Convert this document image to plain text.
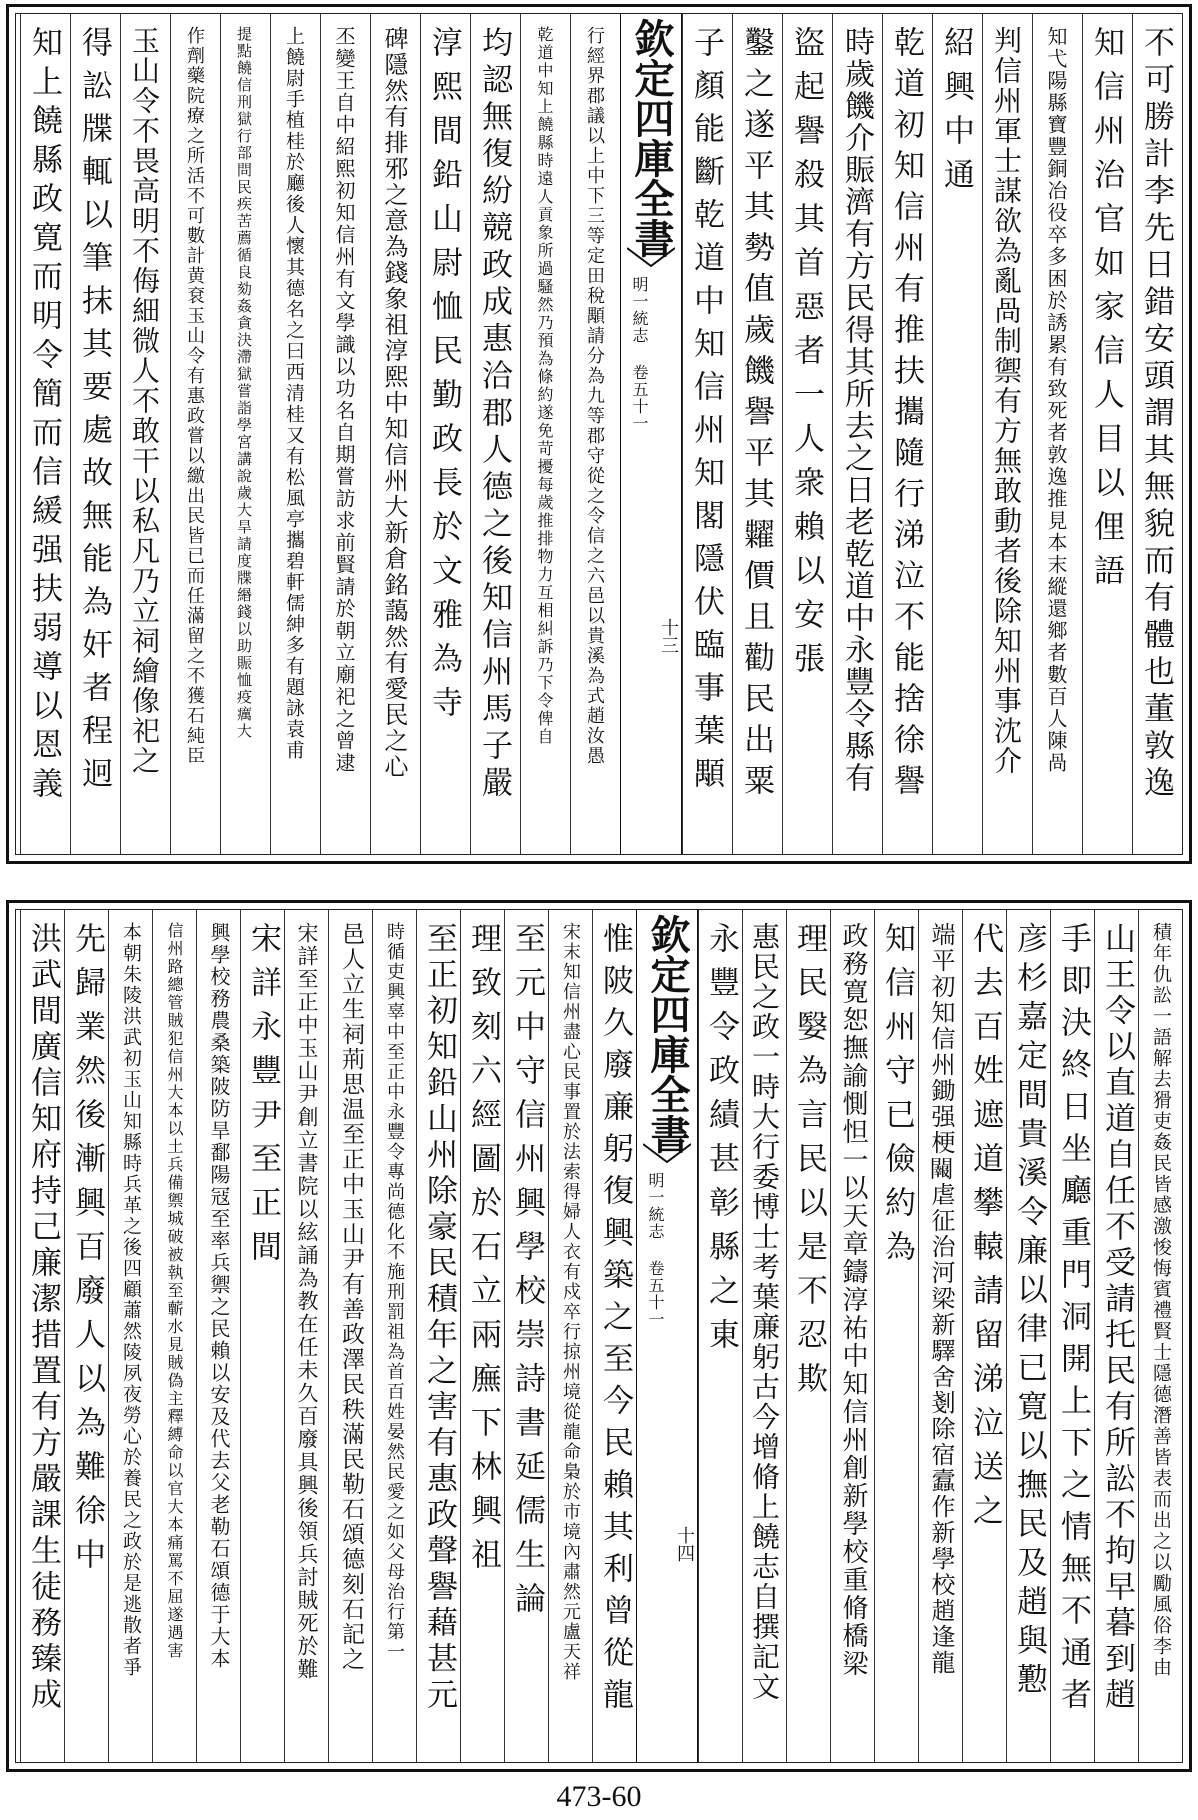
不可勝計李先日錯安頭謂其無貌而有體也董敦逸
知信州治官如家信人目以俚語
知弋陽縣寶豐銅冶役卒多困於誘累有致死者敦逸推見本末縱還鄉者數百人陳咼
判信州軍士謀欲為亂咼制禦有方無敢動者後除知州事沈介
紹興中通
乾道初知信州有推扶攜隨行涕泣不能捨徐譽
時歲饑介賑濟有方民得其所去之日老乾道中永豐令縣有
盜起譽殺其首惡者一人衆賴以安張
鑿之遂平其勢值歲饑譽平其糶價且勸民出粟
子顏能斷乾道中知信州知閣隱伏臨事葉顒
欽定四庫全書
明一統志 卷五十一
十三
行經界郡議以上中下三等定田稅顒請分為九等郡守從之令信之六邑以貴溪為式趙汝愚
乾道中知上饒縣時遠人貢象所過騷然乃預為條約遂免苛擾每歲推排物力互相糾訴乃下令俾自
均認無復紛競政成惠洽郡人德之後知信州馬子嚴
淳熙間鉛山尉恤民勤政長於文雅為寺
碑隱然有排邪之意為錢象祖淳熙中知信州大新倉銘藹然有愛民之心
丕變王自中紹熙初知信州有文學識以功名自期嘗訪求前賢請於朝立廟祀之曾逮
上饒尉手植桂於廳後人懷其德名之曰西清桂又有松風亭攜碧軒儒紳多有題詠袁甫
提點饒信刑獄行部問民疾苦薦循良劾姦貪決滯獄嘗詣學宮講說歲大旱請度牒緡錢以助賑恤疫癘大
作劑藥院療之所活不可數計黄袞玉山令有惠政嘗以繳出民皆已而任滿留之不獲石純臣
玉山令不畏高明不侮細微人不敢干以私凡乃立祠繪像祀之
得訟牒輒以筆抹其要處故無能為奸者程迥
知上饒縣政寛而明令簡而信緩强扶弱導以恩義
積年仇訟一語解去猾吏姦民皆感激悛悔賓禮賢士隱德潛善皆表而出之以勵風俗李由
山王令以直道自任不受請托民有所訟不拘早暮到趙
手即決終日坐廳重門洞開上下之情無不通者
彦杉嘉定間貴溪令廉以律已寛以撫民及趙與懃
代去百姓遮道攀轅請留涕泣送之
端平初知信州鋤强梗𨷂虐征治河梁新驛舍剗除宿蠧作新學校趙逢龍
知信州守已儉約為
政務寛恕撫諭惻怛一以天章鑄淳祐中知信州創新學校重脩橋梁
理民嫛為言民以是不忍欺
惠民之政一時大行委博士考葉亷躬古今增脩上饒志自撰記文
永豐令政績甚彰縣之東
欽定四庫全書
明一統志 卷五十一
十四
惟陂久廢亷躬復興築之至今民賴其利曾從龍
宋末知信州盡心民事置於法索得婦人衣有戍卒行掠州境從龍命梟於市境內肅然元盧天祥
至元中守信州興學校崇詩書延儒生論
理致刻六經圖於石立兩廡下林興祖
至正初知鉛山州除豪民積年之害有惠政聲譽藉甚元
時循吏興辜中至正中永豐令專尚德化不施刑罰祖為首百姓晏然民愛之如父母治行第一
邑人立生祠荊思温至正中玉山尹有善政澤民秩滿民勒石頌德刻石記之
宋詳至正中玉山尹創立書院以絃誦為教在任未久百廢具興後領兵討賊死於難
宋詳永豐尹至正間
興學校務農桑築陂防旱鄱陽冦至率兵禦之民賴以安及代去父老勒石頌德于大本
信州路總管賊犯信州大本以土兵備禦城破被執至蘄水見賊偽主釋縛命以官大本痛罵不屈遂遇害
本朝朱陵洪武初玉山知縣時兵革之後四顧蕭然陵夙夜勞心於養民之政於是逃散者爭
先歸業然後漸興百廢人以為難徐中
洪武間廣信知府持己廉潔措置有方嚴課生徒務臻成
473-60
